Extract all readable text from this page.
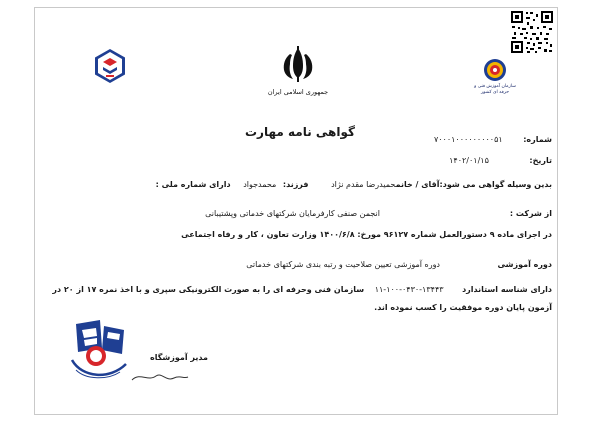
جمهوری اسلامی ایران
سازمان آموزش فنی و حرفه ای کشور
گواهی نامه مهارت
شماره: ۷۰۰۰۱۰۰۰۰۰۰۰۰۰۵۱
تاریخ: ۱۴۰۲/۰۱/۱۵
بدین وسیله گواهی می شود:آقای / خانمحمیدرضا مقدم نژاد فرزند: محمدجواد دارای شماره ملی :
از شرکت :
انجمن صنفی کارفرمایان شرکتهای خدماتی وپشتیبانی
در اجرای ماده ۹ دستورالعمل شماره ۹۶۱۲۷ مورخ: ۱۴۰۰/۶/۸ وزارت تعاون ، کار و رفاه اجتماعی
دوره آموزشی
دوره آموزشی تعیین صلاحیت و رتبه بندی شرکتهای خدماتی
دارای شناسه استاندارد ۱۳۴۴۳-۰۴۳۰-۱۰۰-۱۱ سازمان فنی وحرفه ای را به صورت الکترونیکی سپری و با اخذ نمره ۱۷ از ۲۰ در
آزمون پایان دوره موفقیت را کسب نموده اند.
مدیر آموزشگاه
